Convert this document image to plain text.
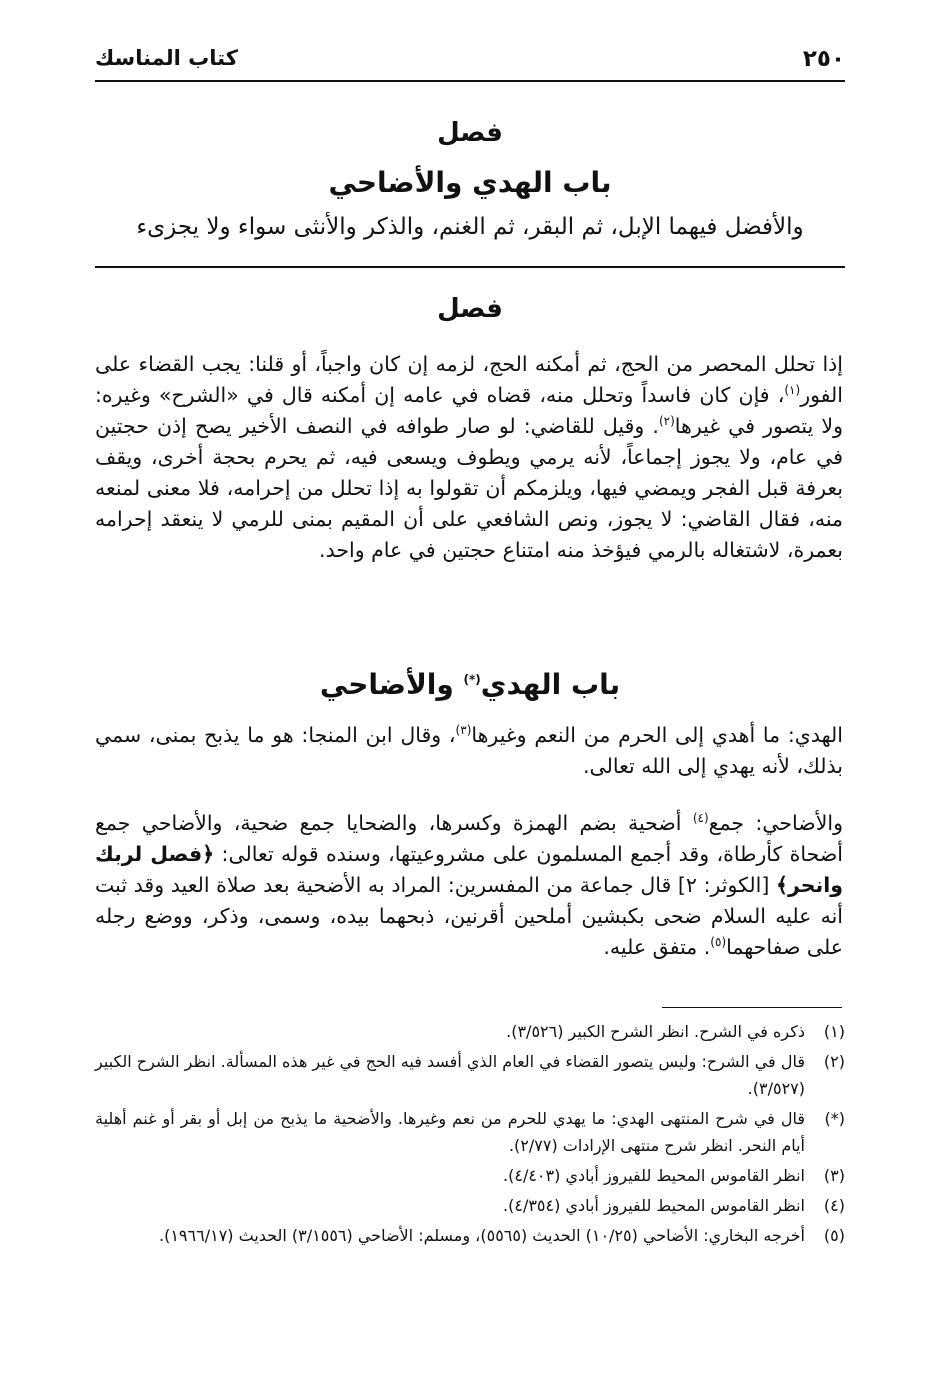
٢٥٠
كتاب المناسك
فصل
باب الهدي والأضاحي
والأفضل فيهما الإبل، ثم البقر، ثم الغنم، والذكر والأنثى سواء ولا يجزىء
فصل

إذا تحلل المحصر من الحج، ثم أمكنه الحج، لزمه إن كان واجباً، أو قلنا: يجب القضاء على الفور$^{(١)}$، فإن كان فاسداً وتحلل منه، قضاه في عامه إن أمكنه قال في «الشرح» وغيره: ولا يتصور في غيرها$^{(٢)}$. وقيل للقاضي: لو صار طوافه في النصف الأخير يصح إذن حجتين في عام، ولا يجوز إجماعاً، لأنه يرمي ويطوف ويسعى فيه، ثم يحرم بحجة أخرى، ويقف بعرفة قبل الفجر ويمضي فيها، ويلزمكم أن تقولوا به إذا تحلل من إحرامه، فلا معنى لمنعه منه، فقال القاضي: لا يجوز، ونص الشافعي على أن المقيم بمنى للرمي لا ينعقد إحرامه بعمرة، لاشتغاله بالرمي فيؤخذ منه امتناع حجتين في عام واحد.

باب الهدي(*) والأضاحي

الهدي: ما أهدي إلى الحرم من النعم وغيرها$^{(٣)}$، وقال ابن المنجا: هو ما يذبح بمنى، سمي بذلك، لأنه يهدي إلى الله تعالى.

والأضاحي: جمع$^{(٤)}$ أضحية بضم الهمزة وكسرها، والضحايا جمع ضحية، والأضاحي جمع أضحاة كأرطاة، وقد أجمع المسلمون على مشروعيتها، وسنده قوله تعالى: ﴿فصل لربك وانحر﴾ [الكوثر: ٢] قال جماعة من المفسرين: المراد به الأضحية بعد صلاة العيد وقد ثبت أنه عليه السلام ضحى بكبشين أملحين أقرنين، ذبحهما بيده، وسمى، وذكر، ووضع رجله على صفاحهما$^{(٥)}$. متفق عليه.

(١)
ذكره في الشرح. انظر الشرح الكبير (٣/٥٢٦).
(٢)
قال في الشرح: وليس يتصور القضاء في العام الذي أفسد فيه الحج في غير هذه المسألة. انظر الشرح الكبير (٣/٥٢٧).
(*)
قال في شرح المنتهى الهدي: ما يهدي للحرم من نعم وغيرها. والأضحية ما يذبح من إبل أو بقر أو غنم أهلية أيام النحر. انظر شرح منتهى الإرادات (٢/٧٧).
(٣)
انظر القاموس المحيط للفيروز أبادي (٤/٤٠٣).
(٤)
انظر القاموس المحيط للفيروز أبادي (٤/٣٥٤).
(٥)
أخرجه البخاري: الأضاحي (١٠/٢٥) الحديث (٥٥٦٥)، ومسلم: الأضاحي (٣/١٥٥٦) الحديث (١٩٦٦/١٧).
